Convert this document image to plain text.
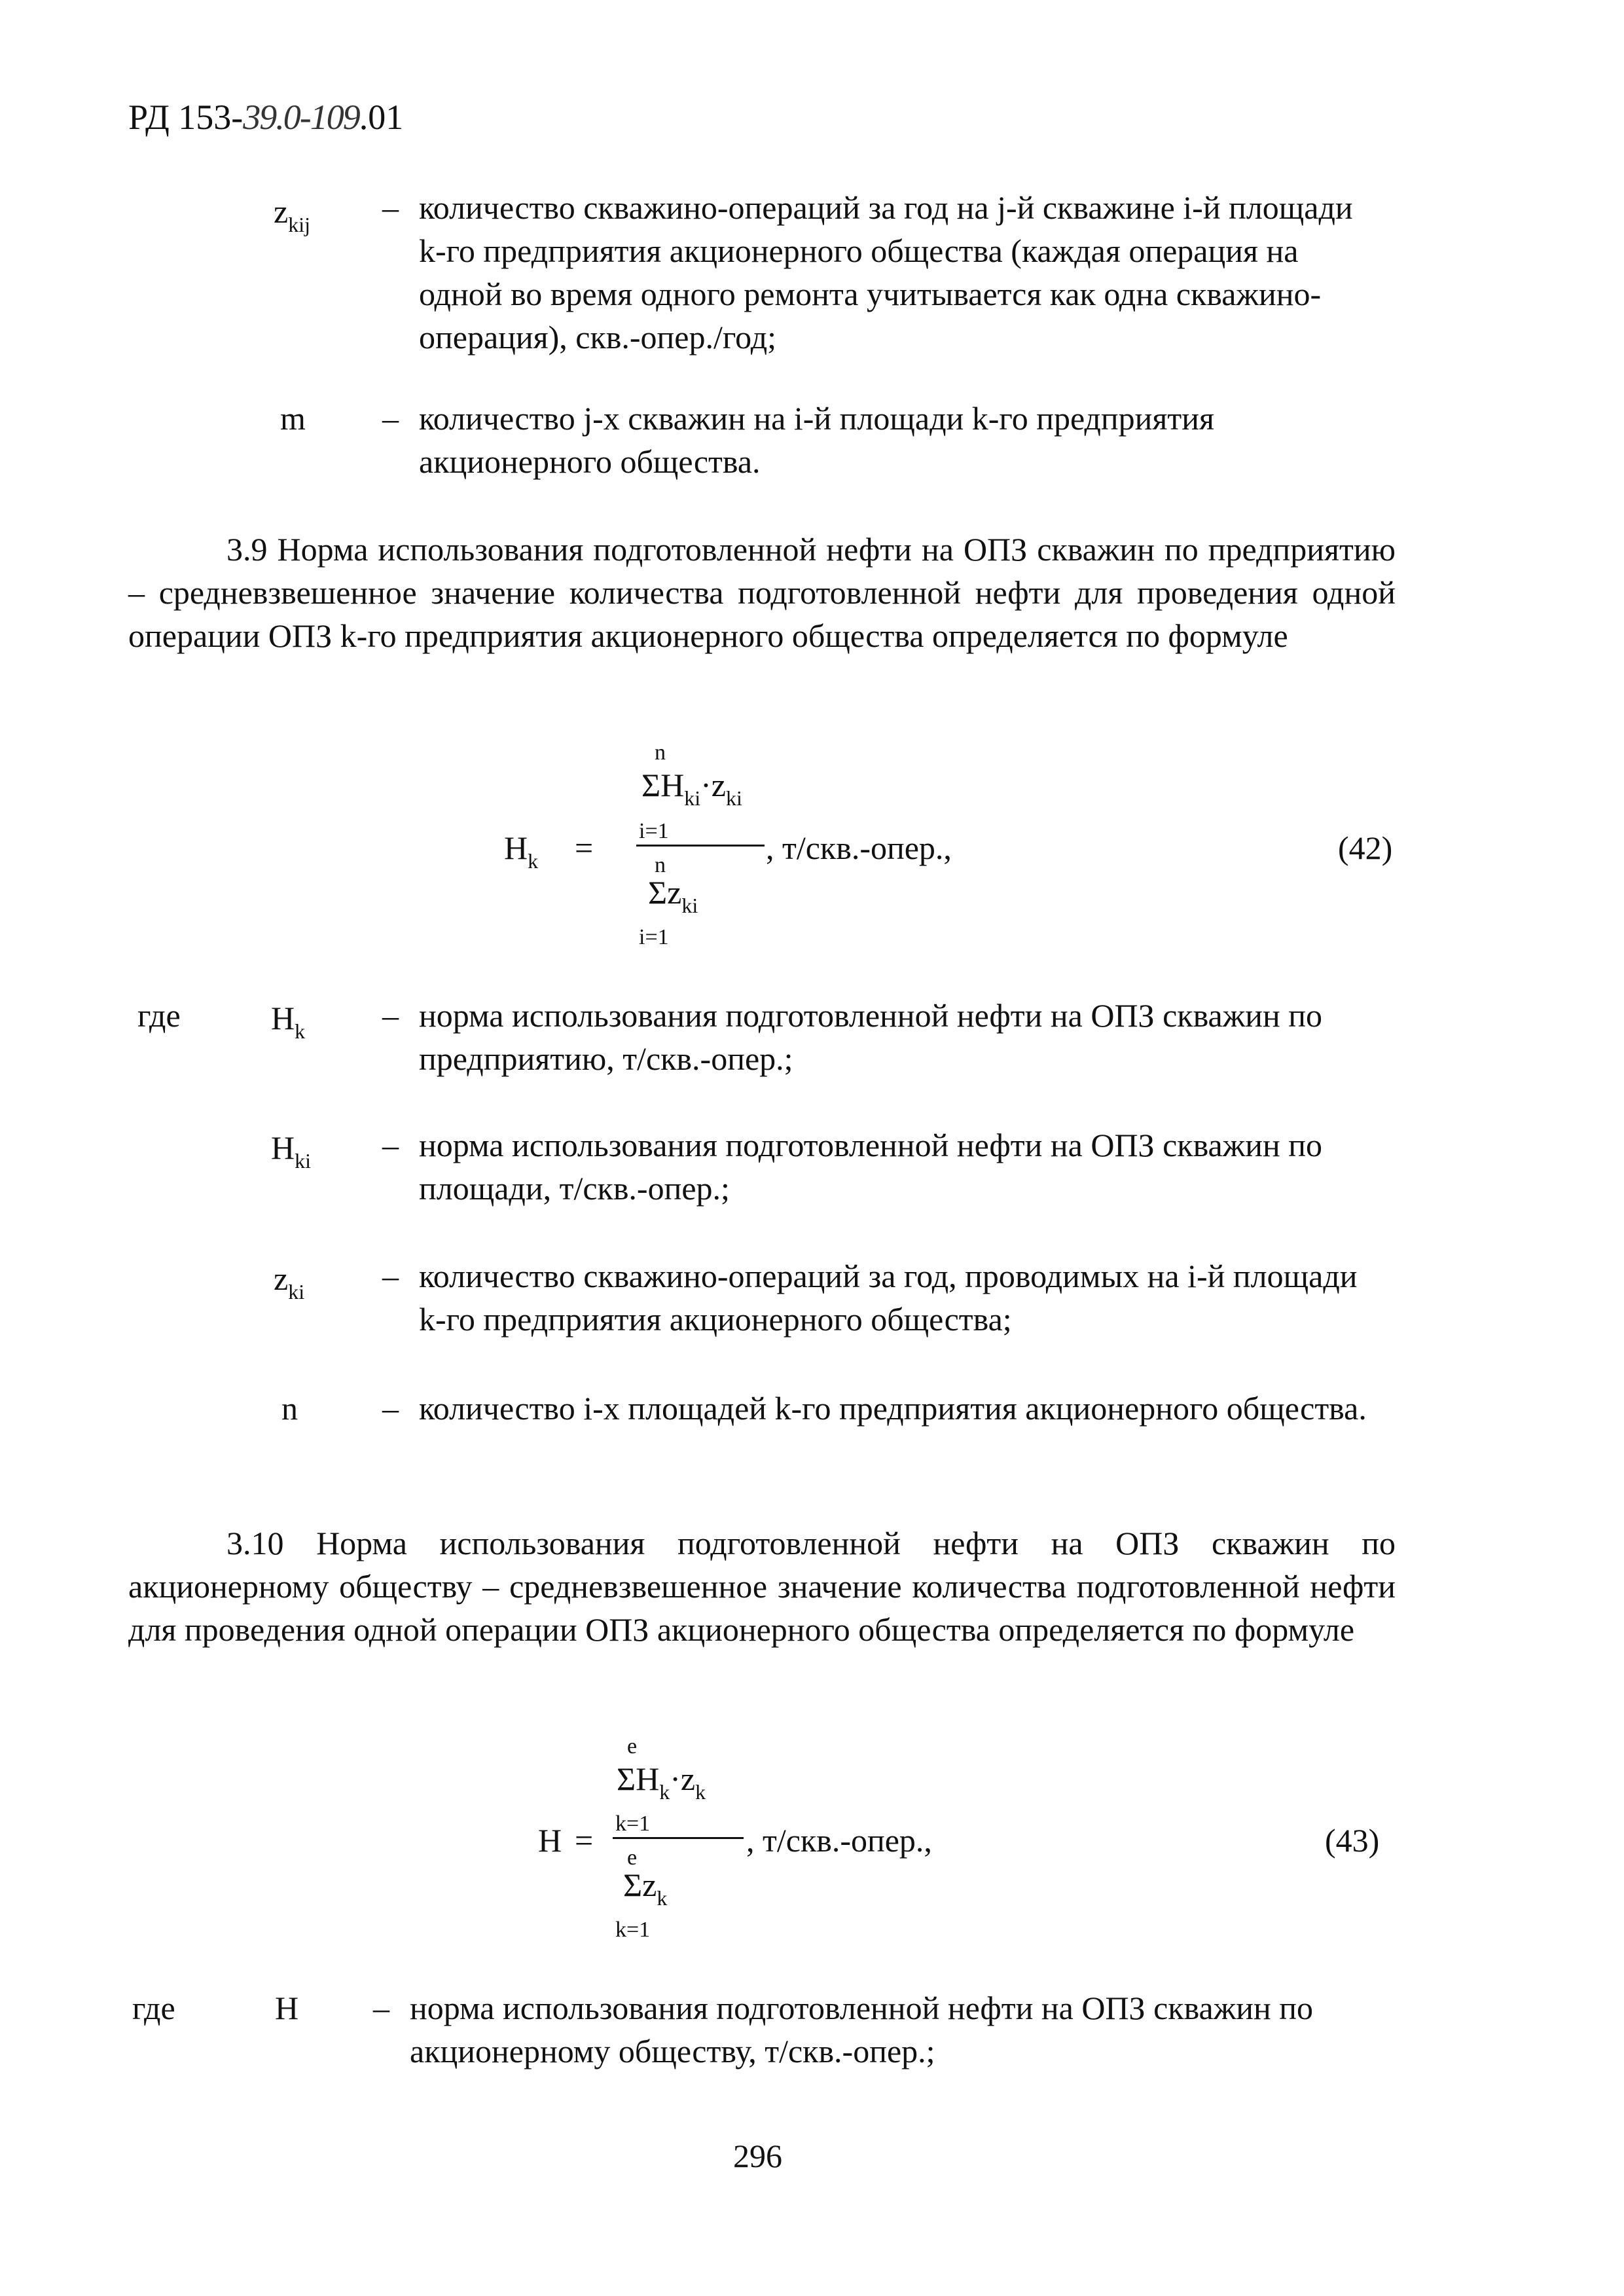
РД 153-39.0-109.01
$z_{kij}$ – количество скважино-операций за год на j-й скважине i-й площади k-го предприятия акционерного общества (каждая операция на одной во время одного ремонта учитывается как одна скважино-операция), скв.-опер./год;
m – количество j-х скважин на i-й площади k-го предприятия акционерного общества.
3.9 Норма использования подготовленной нефти на ОПЗ скважин по предприятию – средневзвешенное значение количества подготовленной нефти для проведения одной операции ОПЗ k-го предприятия акционерного общества определяется по формуле
n
$\Sigma H_{ki}\cdot z_{ki}$
i=1
$H_k$ =	n
$\Sigma z_{ki}$
i=1
, т/скв.-опер.,	(42)
где	$H_k$ – норма использования подготовленной нефти на ОПЗ скважин по предприятию, т/скв.-опер.;
$H_{ki}$ – норма использования подготовленной нефти на ОПЗ скважин по площади, т/скв.-опер.;
$z_{ki}$ – количество скважино-операций за год, проводимых на i-й площади k-го предприятия акционерного общества;
n	– количество i-х площадей k-го предприятия акционерного общества.
3.10 Норма использования подготовленной нефти на ОПЗ скважин по акционерному обществу – средневзвешенное значение количества подготовленной нефти для проведения одной операции ОПЗ акционерного общества определяется по формуле
e
$\Sigma H_k\cdot z_k$
k=1
H = e
$\Sigma z_k$
k=1
, т/скв.-опер.,	(43)
где	H – норма использования подготовленной нефти на ОПЗ скважин по акционерному обществу, т/скв.-опер.;
296
